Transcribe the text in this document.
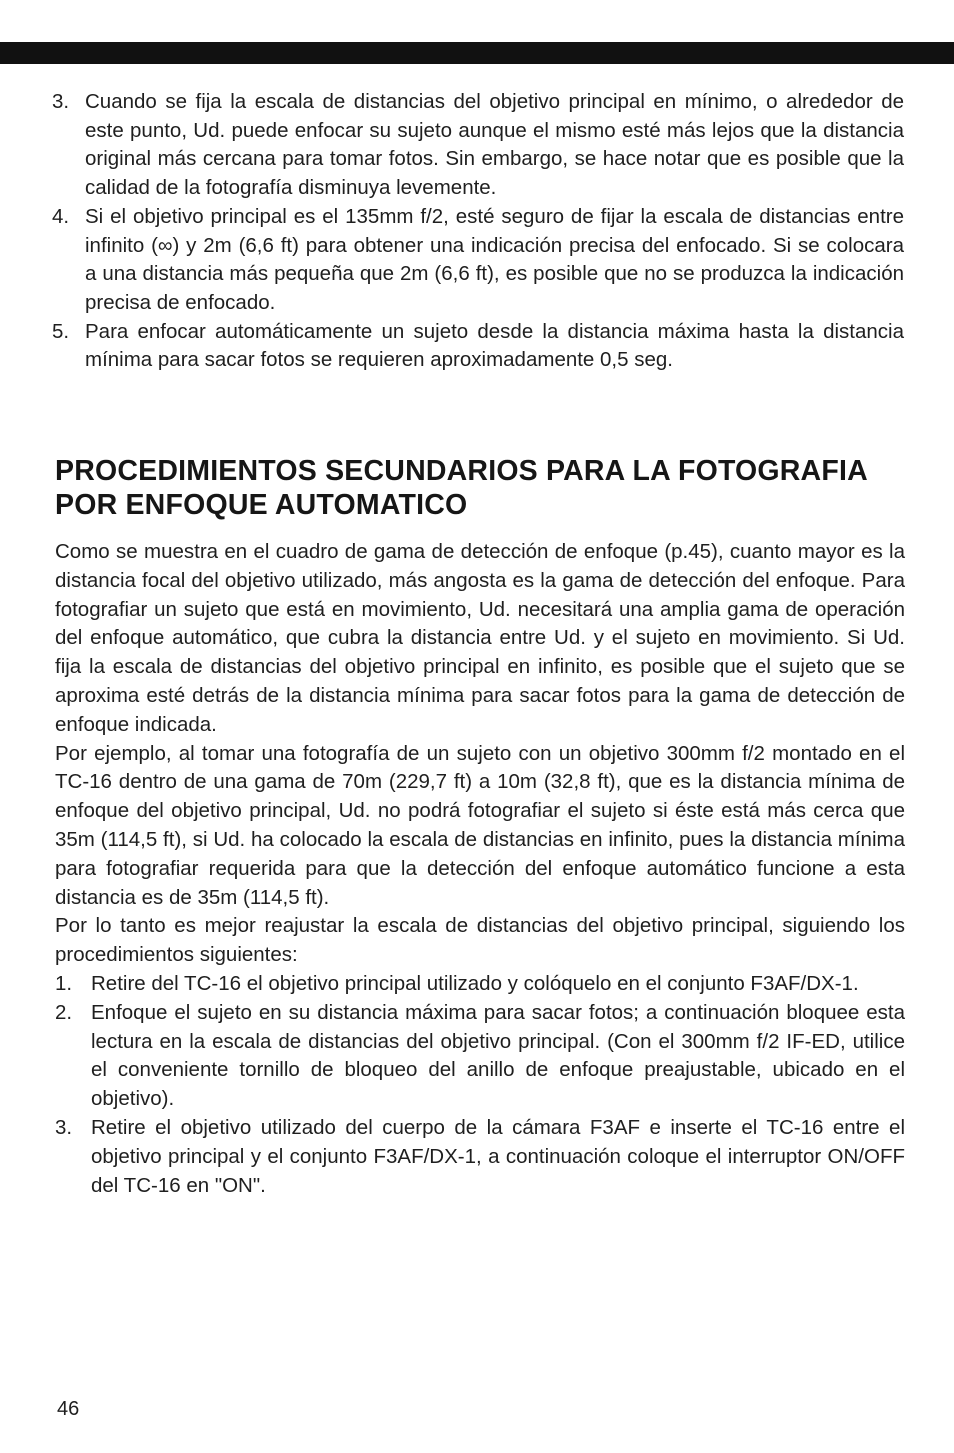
3. Cuando se fija la escala de distancias del objetivo principal en mínimo, o alrededor de este punto, Ud. puede enfocar su sujeto aunque el mismo esté más lejos que la distancia original más cercana para tomar fotos. Sin embargo, se hace notar que es posible que la calidad de la fotografía disminuya levemente.
4. Si el objetivo principal es el 135mm f/2, esté seguro de fijar la escala de distancias entre infinito (∞) y 2m (6,6 ft) para obtener una indicación precisa del enfocado. Si se colocara a una distancia más pequeña que 2m (6,6 ft), es posible que no se produzca la indicación precisa de enfocado.
5. Para enfocar automáticamente un sujeto desde la distancia máxima hasta la distancia mínima para sacar fotos se requieren aproximadamente 0,5 seg.
PROCEDIMIENTOS SECUNDARIOS PARA LA FOTOGRAFIA POR ENFOQUE AUTOMATICO

Como se muestra en el cuadro de gama de detección de enfoque (p.45), cuanto mayor es la distancia focal del objetivo utilizado, más angosta es la gama de detección del enfoque. Para fotografiar un sujeto que está en movimiento, Ud. necesitará una amplia gama de operación del enfoque automático, que cubra la distancia entre Ud. y el sujeto en movimiento. Si Ud. fija la escala de distancias del objetivo principal en infinito, es posible que el sujeto que se aproxima esté detrás de la distancia mínima para sacar fotos para la gama de detección de enfoque indicada.

Por ejemplo, al tomar una fotografía de un sujeto con un objetivo 300mm f/2 montado en el TC-16 dentro de una gama de 70m (229,7 ft) a 10m (32,8 ft), que es la distancia mínima de enfoque del objetivo principal, Ud. no podrá fotografiar el sujeto si éste está más cerca que 35m (114,5 ft), si Ud. ha colocado la escala de distancias en infinito, pues la distancia mínima para fotografiar requerida para que la detección del enfoque automático funcione a esta distancia es de 35m (114,5 ft).

Por lo tanto es mejor reajustar la escala de distancias del objetivo principal, siguiendo los procedimientos siguientes:

1. Retire del TC-16 el objetivo principal utilizado y colóquelo en el conjunto F3AF/DX-1.
2. Enfoque el sujeto en su distancia máxima para sacar fotos; a continuación bloquee esta lectura en la escala de distancias del objetivo principal. (Con el 300mm f/2 IF-ED, utilice el conveniente tornillo de bloqueo del anillo de enfoque preajustable, ubicado en el objetivo).
3. Retire el objetivo utilizado del cuerpo de la cámara F3AF e inserte el TC-16 entre el objetivo principal y el conjunto F3AF/DX-1, a continuación coloque el interruptor ON/OFF del TC-16 en "ON".
46
